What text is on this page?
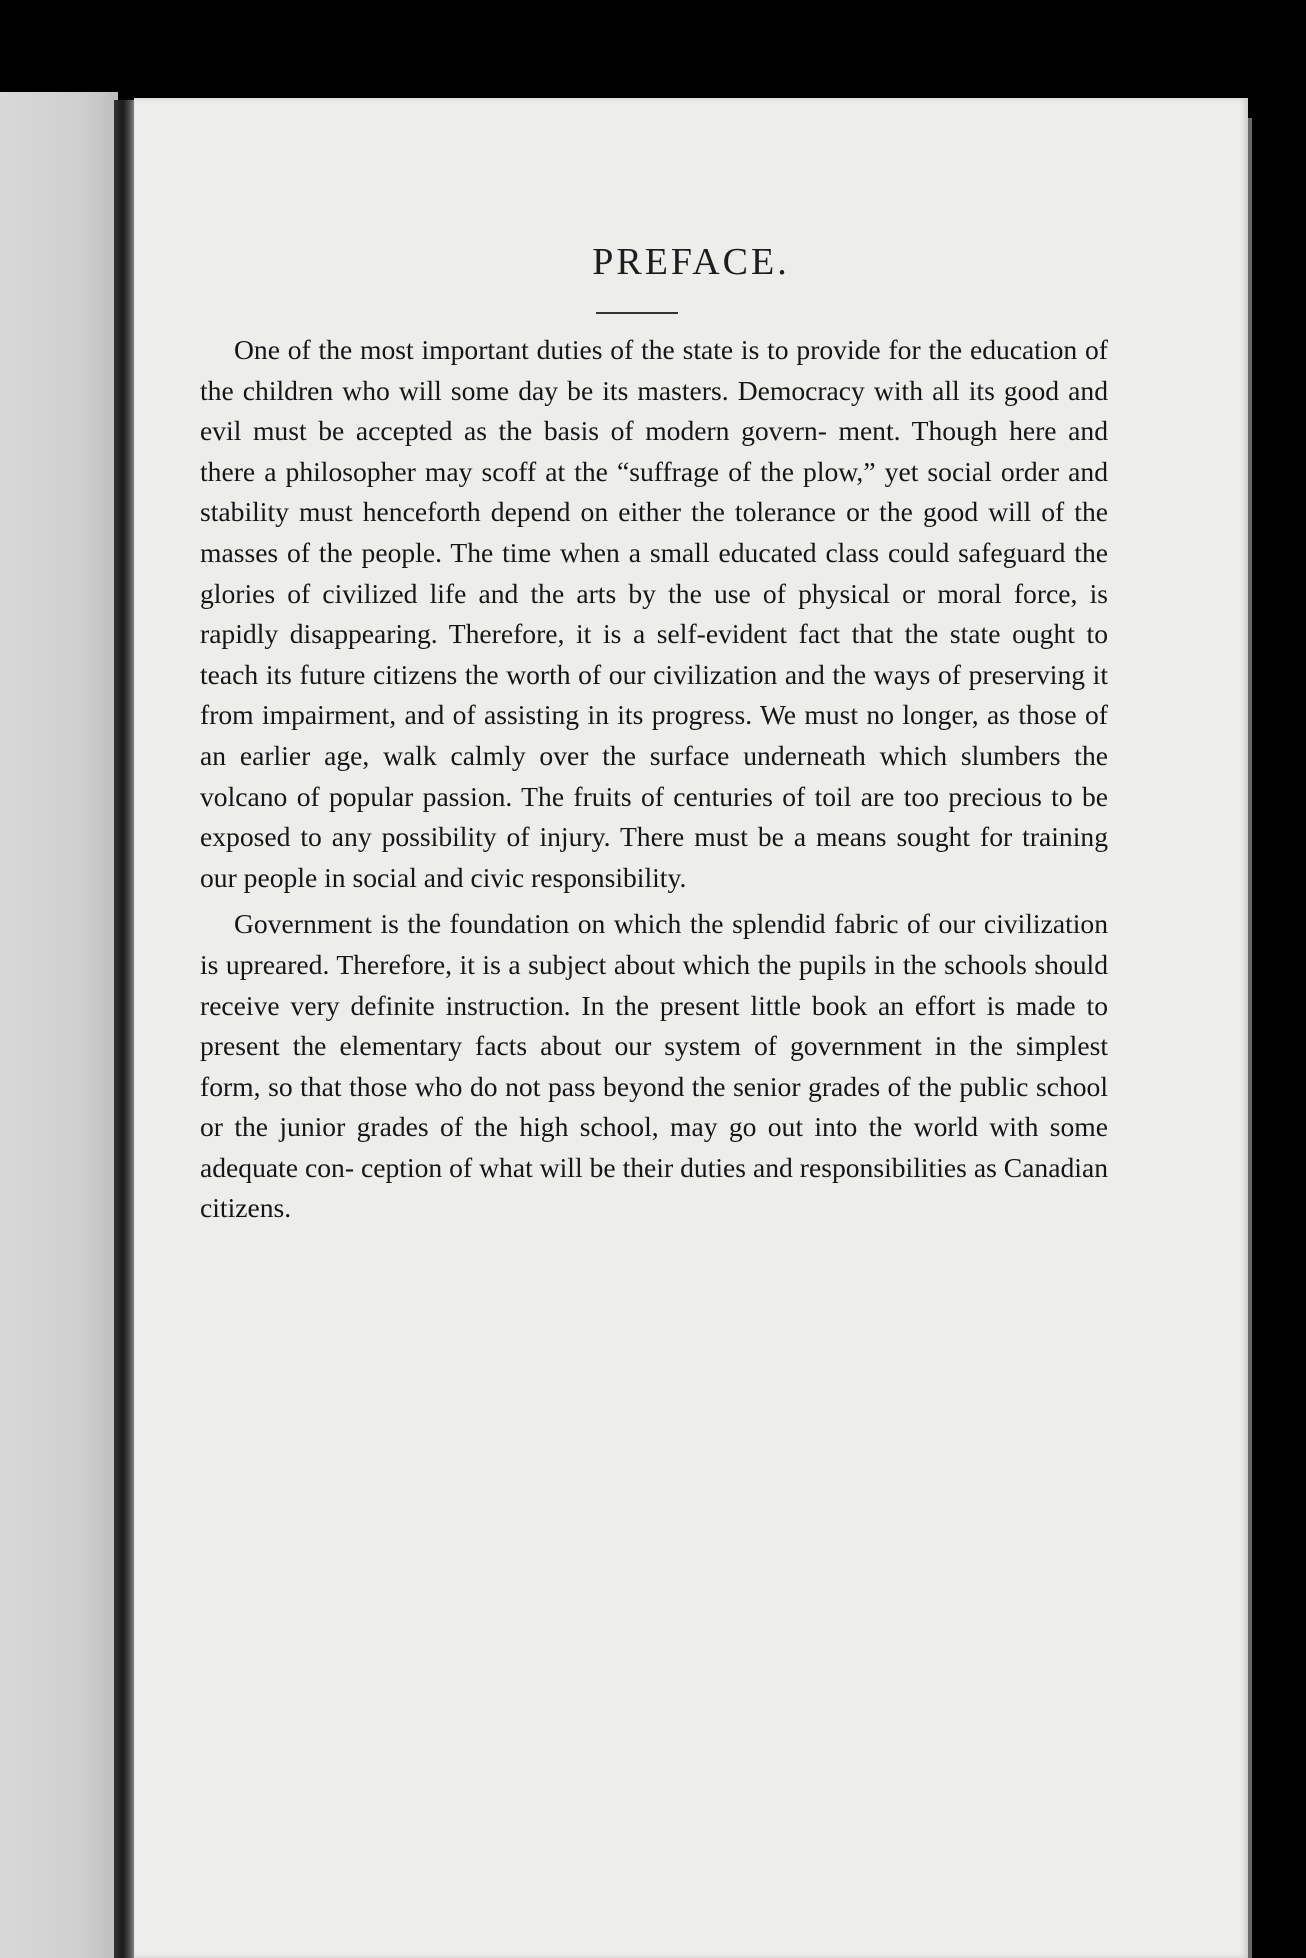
PREFACE.

One of the most important duties of the state is to provide for the education of the children who will some day be its masters. Democracy with all its good and evil must be accepted as the basis of modern govern- ment. Though here and there a philosopher may scoff at the “suffrage of the plow,” yet social order and stability must henceforth depend on either the tolerance or the good will of the masses of the people. The time when a small educated class could safeguard the glories of civilized life and the arts by the use of physical or moral force, is rapidly disappearing. Therefore, it is a self-evident fact that the state ought to teach its future citizens the worth of our civilization and the ways of preserving it from impairment, and of assisting in its progress. We must no longer, as those of an earlier age, walk calmly over the surface underneath which slumbers the volcano of popular passion. The fruits of centuries of toil are too precious to be exposed to any possibility of injury. There must be a means sought for training our people in social and civic responsibility.

Government is the foundation on which the splendid fabric of our civilization is upreared. Therefore, it is a subject about which the pupils in the schools should receive very definite instruction. In the present little book an effort is made to present the elementary facts about our system of government in the simplest form, so that those who do not pass beyond the senior grades of the public school or the junior grades of the high school, may go out into the world with some adequate con- ception of what will be their duties and responsibilities as Canadian citizens.
